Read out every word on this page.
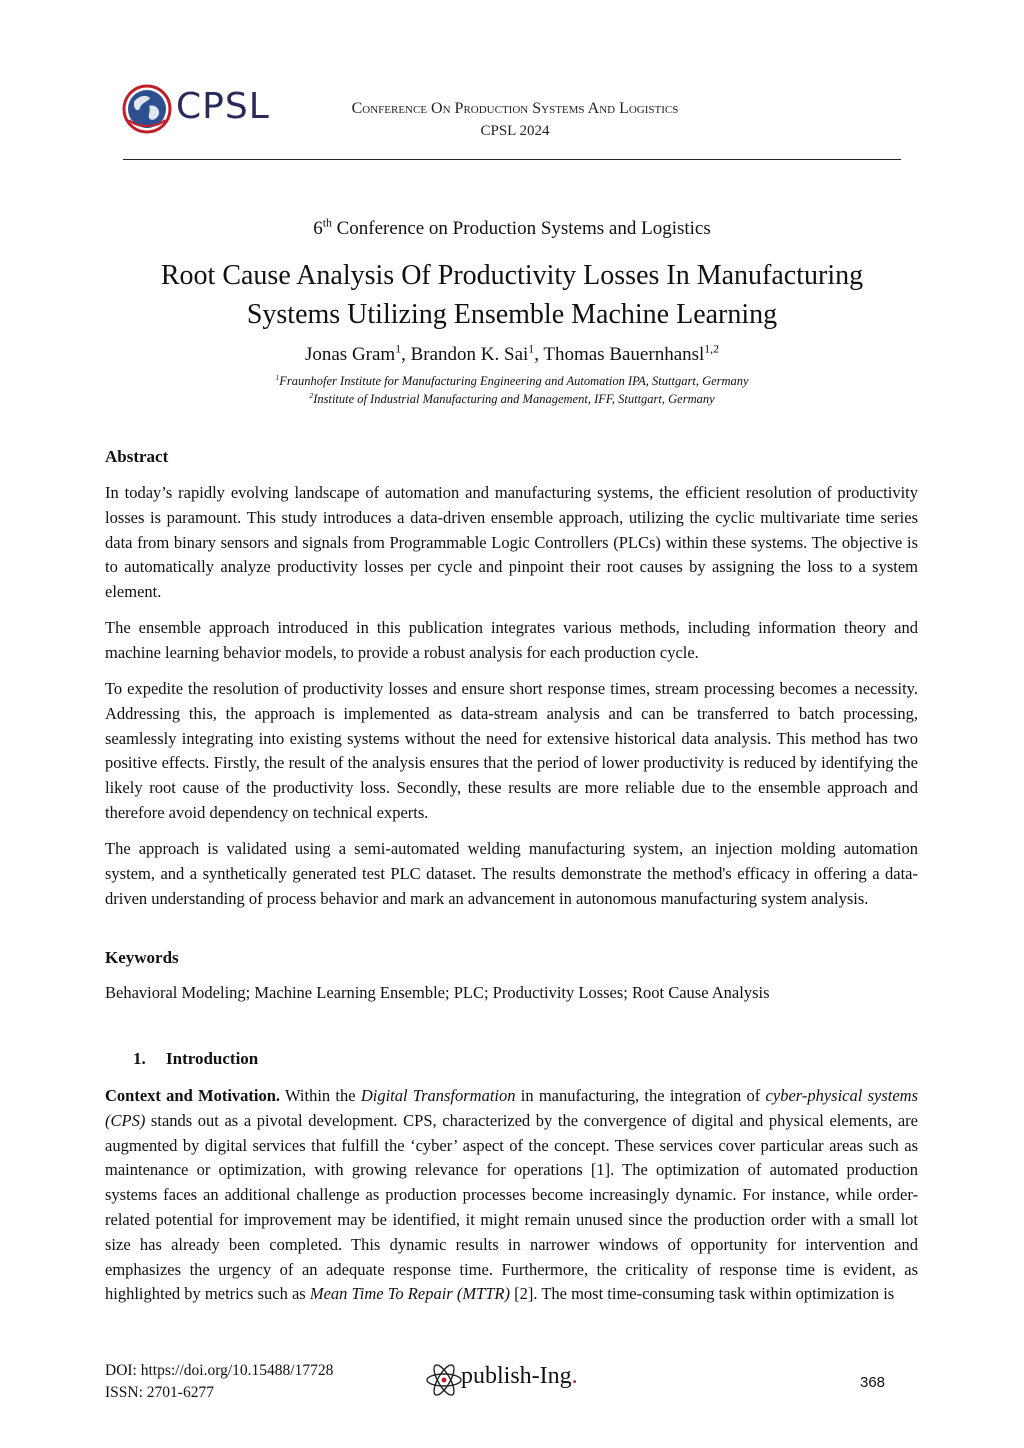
CPSL	Conference On Production Systems And Logistics
CPSL 2024
6th Conference on Production Systems and Logistics
Root Cause Analysis Of Productivity Losses In Manufacturing
Systems Utilizing Ensemble Machine Learning
Jonas Gram$^1$, Brandon K. Sai$^1$, Thomas Bauernhansl$^{1,2}$
$^1$Fraunhofer Institute for Manufacturing Engineering and Automation IPA, Stuttgart, Germany
$^2$Institute of Industrial Manufacturing and Management, IFF, Stuttgart, Germany
Abstract
In today’s rapidly evolving landscape of automation and manufacturing systems, the efficient resolution of productivity losses is paramount. This study introduces a data-driven ensemble approach, utilizing the cyclic multivariate time series data from binary sensors and signals from Programmable Logic Controllers (PLCs) within these systems. The objective is to automatically analyze productivity losses per cycle and pinpoint their root causes by assigning the loss to a system element.
The ensemble approach introduced in this publication integrates various methods, including information theory and machine learning behavior models, to provide a robust analysis for each production cycle.
To expedite the resolution of productivity losses and ensure short response times, stream processing becomes a necessity. Addressing this, the approach is implemented as data-stream analysis and can be transferred to batch processing, seamlessly integrating into existing systems without the need for extensive historical data analysis. This method has two positive effects. Firstly, the result of the analysis ensures that the period of lower productivity is reduced by identifying the likely root cause of the productivity loss. Secondly, these results are more reliable due to the ensemble approach and therefore avoid dependency on technical experts.
The approach is validated using a semi-automated welding manufacturing system, an injection molding automation system, and a synthetically generated test PLC dataset. The results demonstrate the method's efficacy in offering a data-driven understanding of process behavior and mark an advancement in autonomous manufacturing system analysis.
Keywords
Behavioral Modeling; Machine Learning Ensemble; PLC; Productivity Losses; Root Cause Analysis
1. Introduction
Context and Motivation. Within the Digital Transformation in manufacturing, the integration of cyber-physical systems (CPS) stands out as a pivotal development. CPS, characterized by the convergence of digital and physical elements, are augmented by digital services that fulfill the ‘cyber’ aspect of the concept. These services cover particular areas such as maintenance or optimization, with growing relevance for operations [1]. The optimization of automated production systems faces an additional challenge as production processes become increasingly dynamic. For instance, while order-related potential for improvement may be identified, it might remain unused since the production order with a small lot size has already been completed. This dynamic results in narrower windows of opportunity for intervention and emphasizes the urgency of an adequate response time. Furthermore, the criticality of response time is evident, as highlighted by metrics such as Mean Time To Repair (MTTR) [2]. The most time-consuming task within optimization is
DOI: https://doi.org/10.15488/17728
ISSN: 2701-6277
publish-Ing.	368
